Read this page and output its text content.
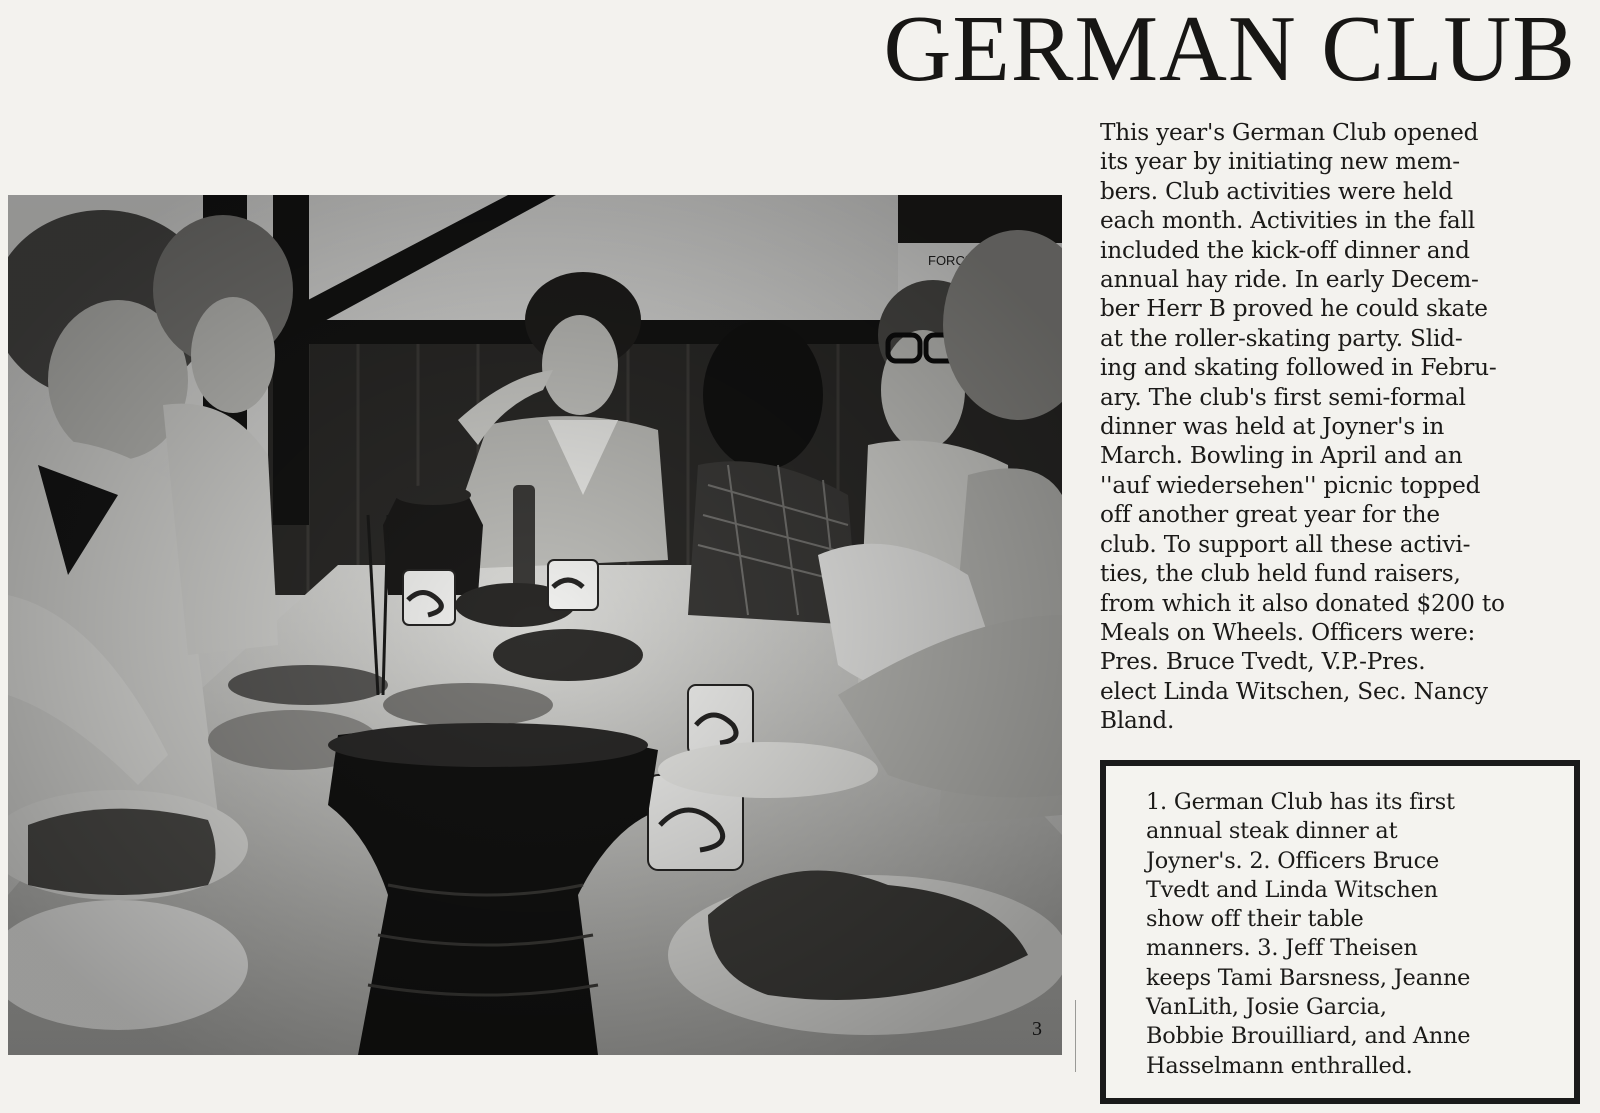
GERMAN CLUB
3

This year's German Club opened
its year by initiating new mem-
bers. Club activities were held
each month. Activities in the fall
included the kick-off dinner and
annual hay ride. In early Decem-
ber Herr B proved he could skate
at the roller-skating party. Slid-
ing and skating followed in Febru-
ary. The club's first semi-formal
dinner was held at Joyner's in
March. Bowling in April and an
''auf wiedersehen'' picnic topped
off another great year for the
club. To support all these activi-
ties, the club held fund raisers,
from which it also donated $200 to
Meals on Wheels. Officers were:
Pres. Bruce Tvedt, V.P.-Pres.
elect Linda Witschen, Sec. Nancy
Bland.

1. German Club has its first
annual steak dinner at
Joyner's. 2. Officers Bruce
Tvedt and Linda Witschen
show off their table
manners. 3. Jeff Theisen
keeps Tami Barsness, Jeanne
VanLith, Josie Garcia,
Bobbie Brouilliard, and Anne
Hasselmann enthralled.
